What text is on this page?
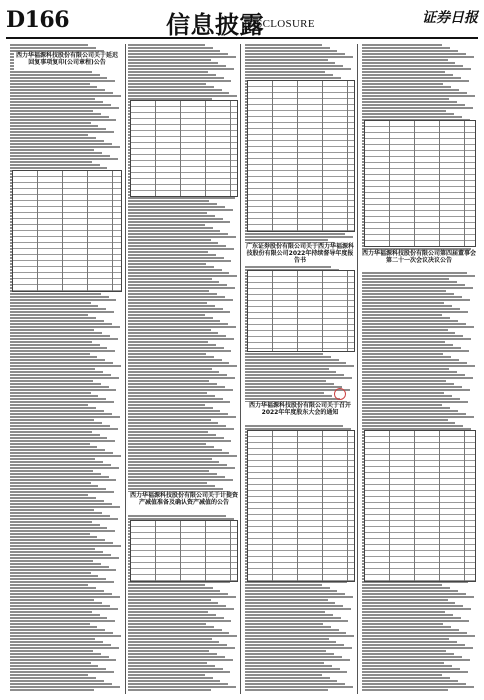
D166	信息披露
DISCLOSURE	证券日报
西力华福源科技股份有限公司关于延迟回复事项复印(公司章程)公告
西力华福源科技股份有限公司关于计提资产减值准备及确认资产减值的公告
广东证券股份有限公司关于西力华福源科技股份有限公司2022年持续督导年度报告书
西力华福源科技股份有限公司关于召开2022年年度股东大会的通知
西力华福源科技股份有限公司第四届董事会第二十一次会议决议公告
